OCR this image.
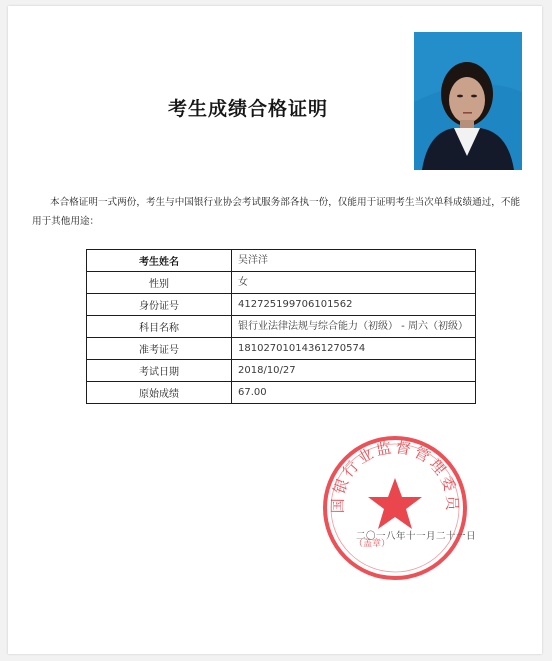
考生成绩合格证明
本合格证明一式两份，考生与中国银行业协会考试服务部各执一份，仅能用于证明考生当次单科成绩通过，不能用于其他用途：
考生姓名	吴洋洋
性别	女
身份证号	412725199706101562
科目名称	银行业法律法规与综合能力（初级） - 周六（初级）
准考证号	18102701014361270574
考试日期	2018/10/27
原始成绩	67.00
国银行业监督管理委员
（盖章）
二〇一八年十一月二十一日
